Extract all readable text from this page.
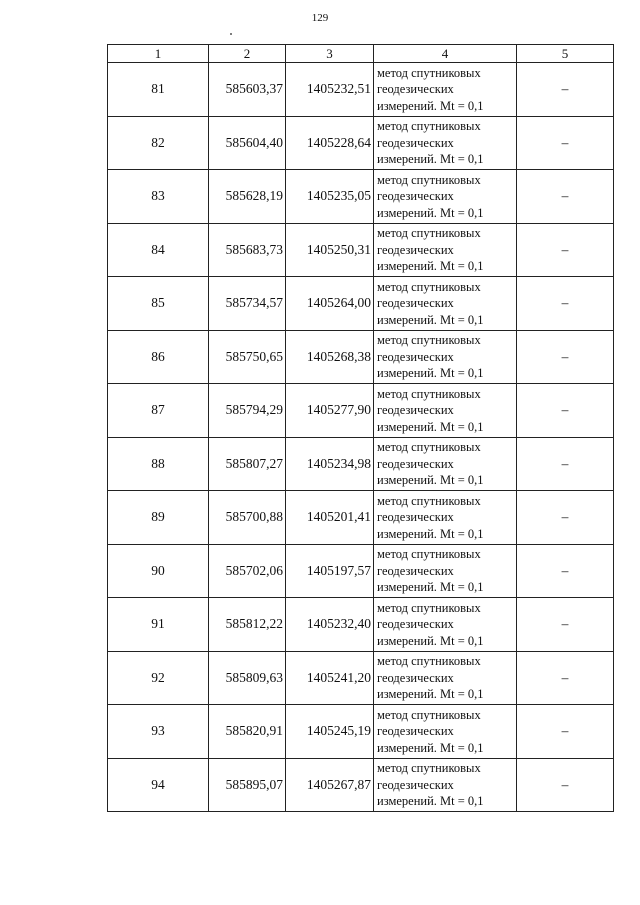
129
1	2	3	4	5
81	585603,37	1405232,51	метод спутниковых
геодезических
измерений. Mt = 0,1	–
82	585604,40	1405228,64	метод спутниковых
геодезических
измерений. Mt = 0,1	–
83	585628,19	1405235,05	метод спутниковых
геодезических
измерений. Mt = 0,1	–
84	585683,73	1405250,31	метод спутниковых
геодезических
измерений. Mt = 0,1	–
85	585734,57	1405264,00	метод спутниковых
геодезических
измерений. Mt = 0,1	–
86	585750,65	1405268,38	метод спутниковых
геодезических
измерений. Mt = 0,1	–
87	585794,29	1405277,90	метод спутниковых
геодезических
измерений. Mt = 0,1	–
88	585807,27	1405234,98	метод спутниковых
геодезических
измерений. Mt = 0,1	–
89	585700,88	1405201,41	метод спутниковых
геодезических
измерений. Mt = 0,1	–
90	585702,06	1405197,57	метод спутниковых
геодезических
измерений. Mt = 0,1	–
91	585812,22	1405232,40	метод спутниковых
геодезических
измерений. Mt = 0,1	–
92	585809,63	1405241,20	метод спутниковых
геодезических
измерений. Mt = 0,1	–
93	585820,91	1405245,19	метод спутниковых
геодезических
измерений. Mt = 0,1	–
94	585895,07	1405267,87	метод спутниковых
геодезических
измерений. Mt = 0,1	–
